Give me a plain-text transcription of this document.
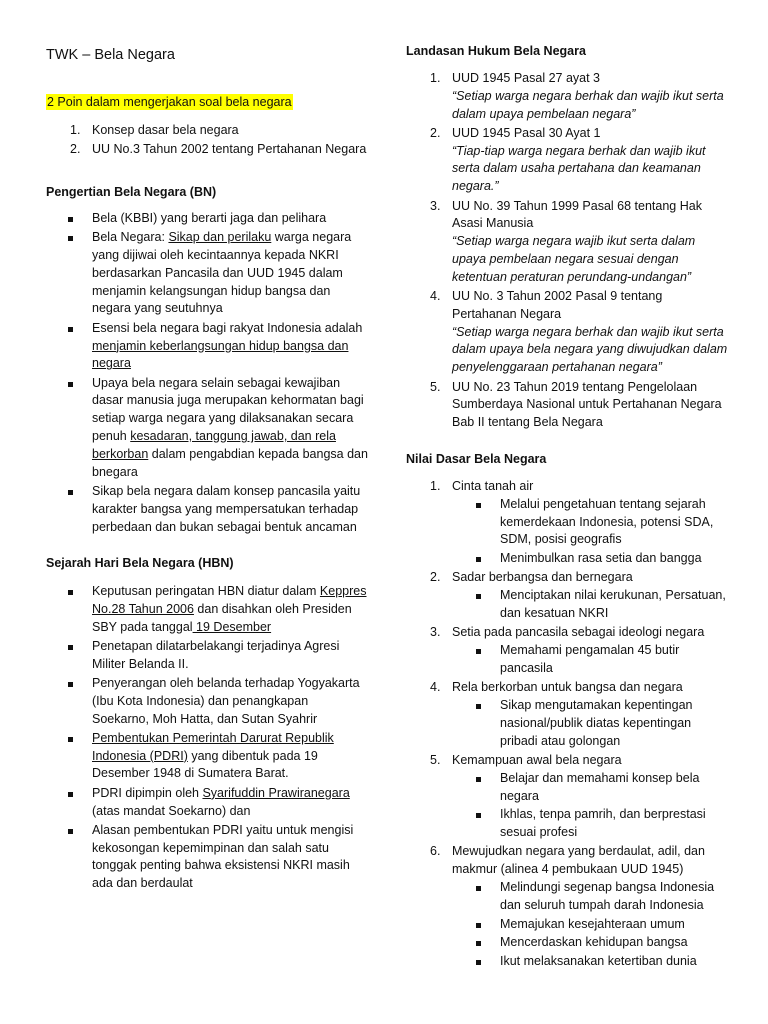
TWK – Bela Negara
2 Poin dalam mengerjakan soal bela negara
1. Konsep dasar bela negara
2. UU No.3 Tahun 2002 tentang Pertahanan Negara
Pengertian Bela Negara (BN)
Bela (KBBI) yang berarti jaga dan pelihara
Bela Negara: Sikap dan perilaku warga negara yang dijiwai oleh kecintaannya kepada NKRI berdasarkan Pancasila dan UUD 1945 dalam menjamin kelangsungan hidup bangsa dan negara yang seutuhnya
Esensi bela negara bagi rakyat Indonesia adalah menjamin keberlangsungan hidup bangsa dan negara
Upaya bela negara selain sebagai kewajiban dasar manusia juga merupakan kehormatan bagi setiap warga negara yang dilaksanakan secara penuh kesadaran, tanggung jawab, dan rela berkorban dalam pengabdian kepada bangsa dan bnegara
Sikap bela negara dalam konsep pancasila yaitu karakter bangsa yang mempersatukan terhadap perbedaan dan bukan sebagai bentuk ancaman
Sejarah Hari Bela Negara (HBN)
Keputusan peringatan HBN diatur dalam Keppres No.28 Tahun 2006 dan disahkan oleh Presiden SBY pada tanggal 19 Desember
Penetapan dilatarbelakangi terjadinya Agresi Militer Belanda II.
Penyerangan oleh belanda terhadap Yogyakarta (Ibu Kota Indonesia) dan penangkapan Soekarno, Moh Hatta, dan Sutan Syahrir
Pembentukan Pemerintah Darurat Republik Indonesia (PDRI) yang dibentuk pada 19 Desember 1948 di Sumatera Barat.
PDRI dipimpin oleh Syarifuddin Prawiranegara (atas mandat Soekarno) dan
Alasan pembentukan PDRI yaitu untuk mengisi kekosongan kepemimpinan dan salah satu tonggak penting bahwa eksistensi NKRI masih ada dan berdaulat
Landasan Hukum Bela Negara
1. UUD 1945 Pasal 27 ayat 3
“Setiap warga negara berhak dan wajib ikut serta dalam upaya pembelaan negara”
2. UUD 1945 Pasal 30 Ayat 1
“Tiap-tiap warga negara berhak dan wajib ikut serta dalam usaha pertahana dan keamanan negara.”
3. UU No. 39 Tahun 1999 Pasal 68 tentang Hak Asasi Manusia
“Setiap warga negara wajib ikut serta dalam upaya pembelaan negara sesuai dengan ketentuan peraturan perundang-undangan”
4. UU No. 3 Tahun 2002 Pasal 9 tentang Pertahanan Negara
“Setiap warga negara berhak dan wajib ikut serta dalam upaya bela negara yang diwujudkan dalam penyelenggaraan pertahanan negara”
5. UU No. 23 Tahun 2019 tentang Pengelolaan Sumberdaya Nasional untuk Pertahanan Negara Bab II tentang Bela Negara
Nilai Dasar Bela Negara
1. Cinta tanah air
Melalui pengetahuan tentang sejarah kemerdekaan Indonesia, potensi SDA, SDM, posisi geografis
Menimbulkan rasa setia dan bangga
2. Sadar berbangsa dan bernegara
Menciptakan nilai kerukunan, Persatuan, dan kesatuan NKRI
3. Setia pada pancasila sebagai ideologi negara
Memahami pengamalan 45 butir pancasila
4. Rela berkorban untuk bangsa dan negara
Sikap mengutamakan kepentingan nasional/publik diatas kepentingan pribadi atau golongan
5. Kemampuan awal bela negara
Belajar dan memahami konsep bela negara
Ikhlas, tenpa pamrih, dan berprestasi sesuai profesi
6. Mewujudkan negara yang berdaulat, adil, dan makmur (alinea 4 pembukaan UUD 1945)
Melindungi segenap bangsa Indonesia dan seluruh tumpah darah Indonesia
Memajukan kesejahteraan umum
Mencerdaskan kehidupan bangsa
Ikut melaksanakan ketertiban dunia
